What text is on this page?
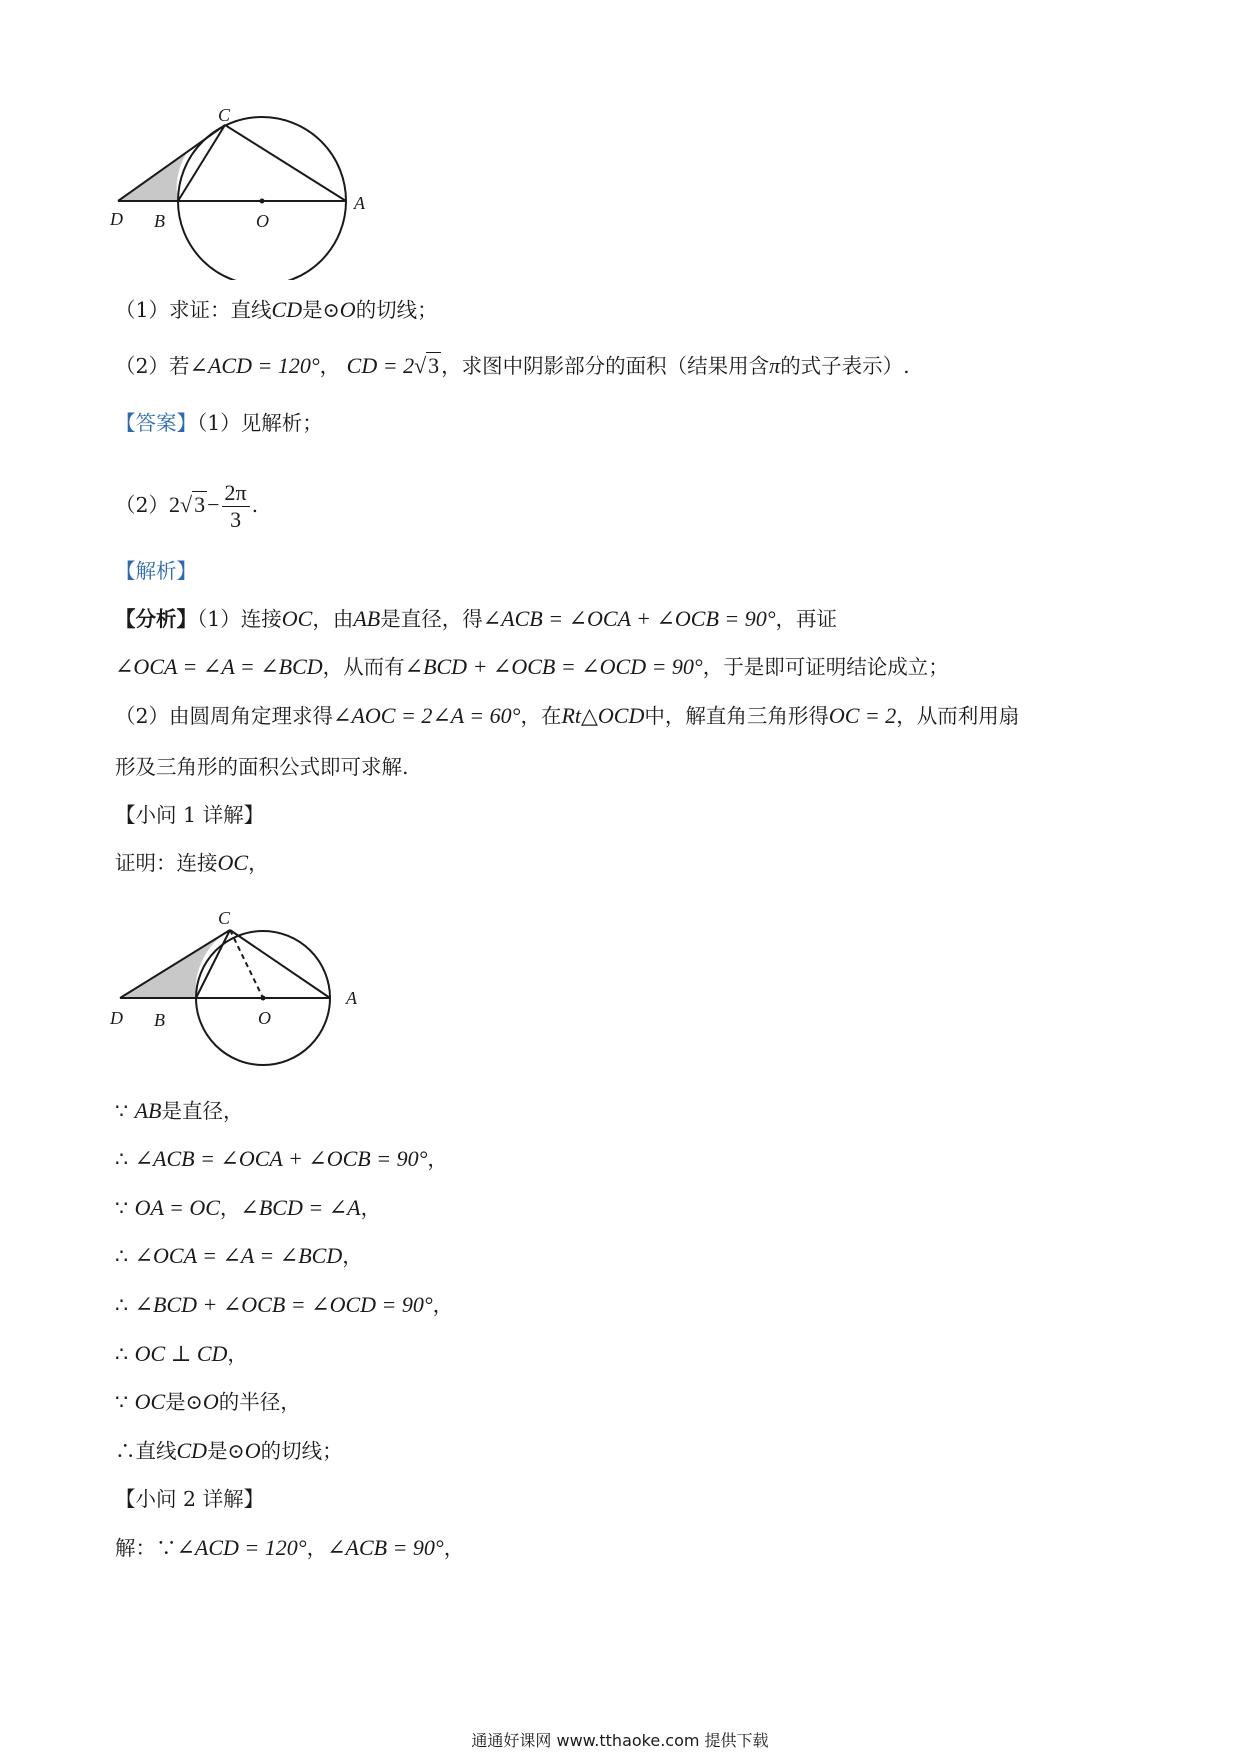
C
D B	O
A
（1）求证：直线CD是⊙O的切线；
（2）若∠ACD = 120°， CD = 2√3，求图中阴影部分的面积（结果用含π的式子表示）.
【答案】（1）见解析；
$(2)2√3- \frac{2\pi}{3}$ .
【解析】
【分析】（1）连接OC，由AB是直径，得∠ACB = ∠OCA + ∠OCB = 90°，再证
∠OCA = ∠A = ∠BCD，从而有∠BCD + ∠OCB = ∠OCD = 90°，于是即可证明结论成立；
（2）由圆周角定理求得∠AOC = 2∠A = 60°，在Rt△OCD中，解直角三角形得OC = 2，从而利用扇
形及三角形的面积公式即可求解.
【小问 1 详解】
证明：连接OC，
C
D B	O
A
∵ AB是直径，
∴ ∠ACB = ∠OCA + ∠OCB = 90°，
∵ OA = OC，∠BCD = ∠A，
∴ ∠OCA = ∠A = ∠BCD，
∴ ∠BCD + ∠OCB = ∠OCD = 90°，
∴ OC ⊥ CD，
∵ OC是⊙O的半径，
∴直线CD是⊙O的切线；
【小问 2 详解】
解：∵∠ACD = 120°，∠ACB = 90°，
通通好课网 www.tthaoke.com 提供下载
